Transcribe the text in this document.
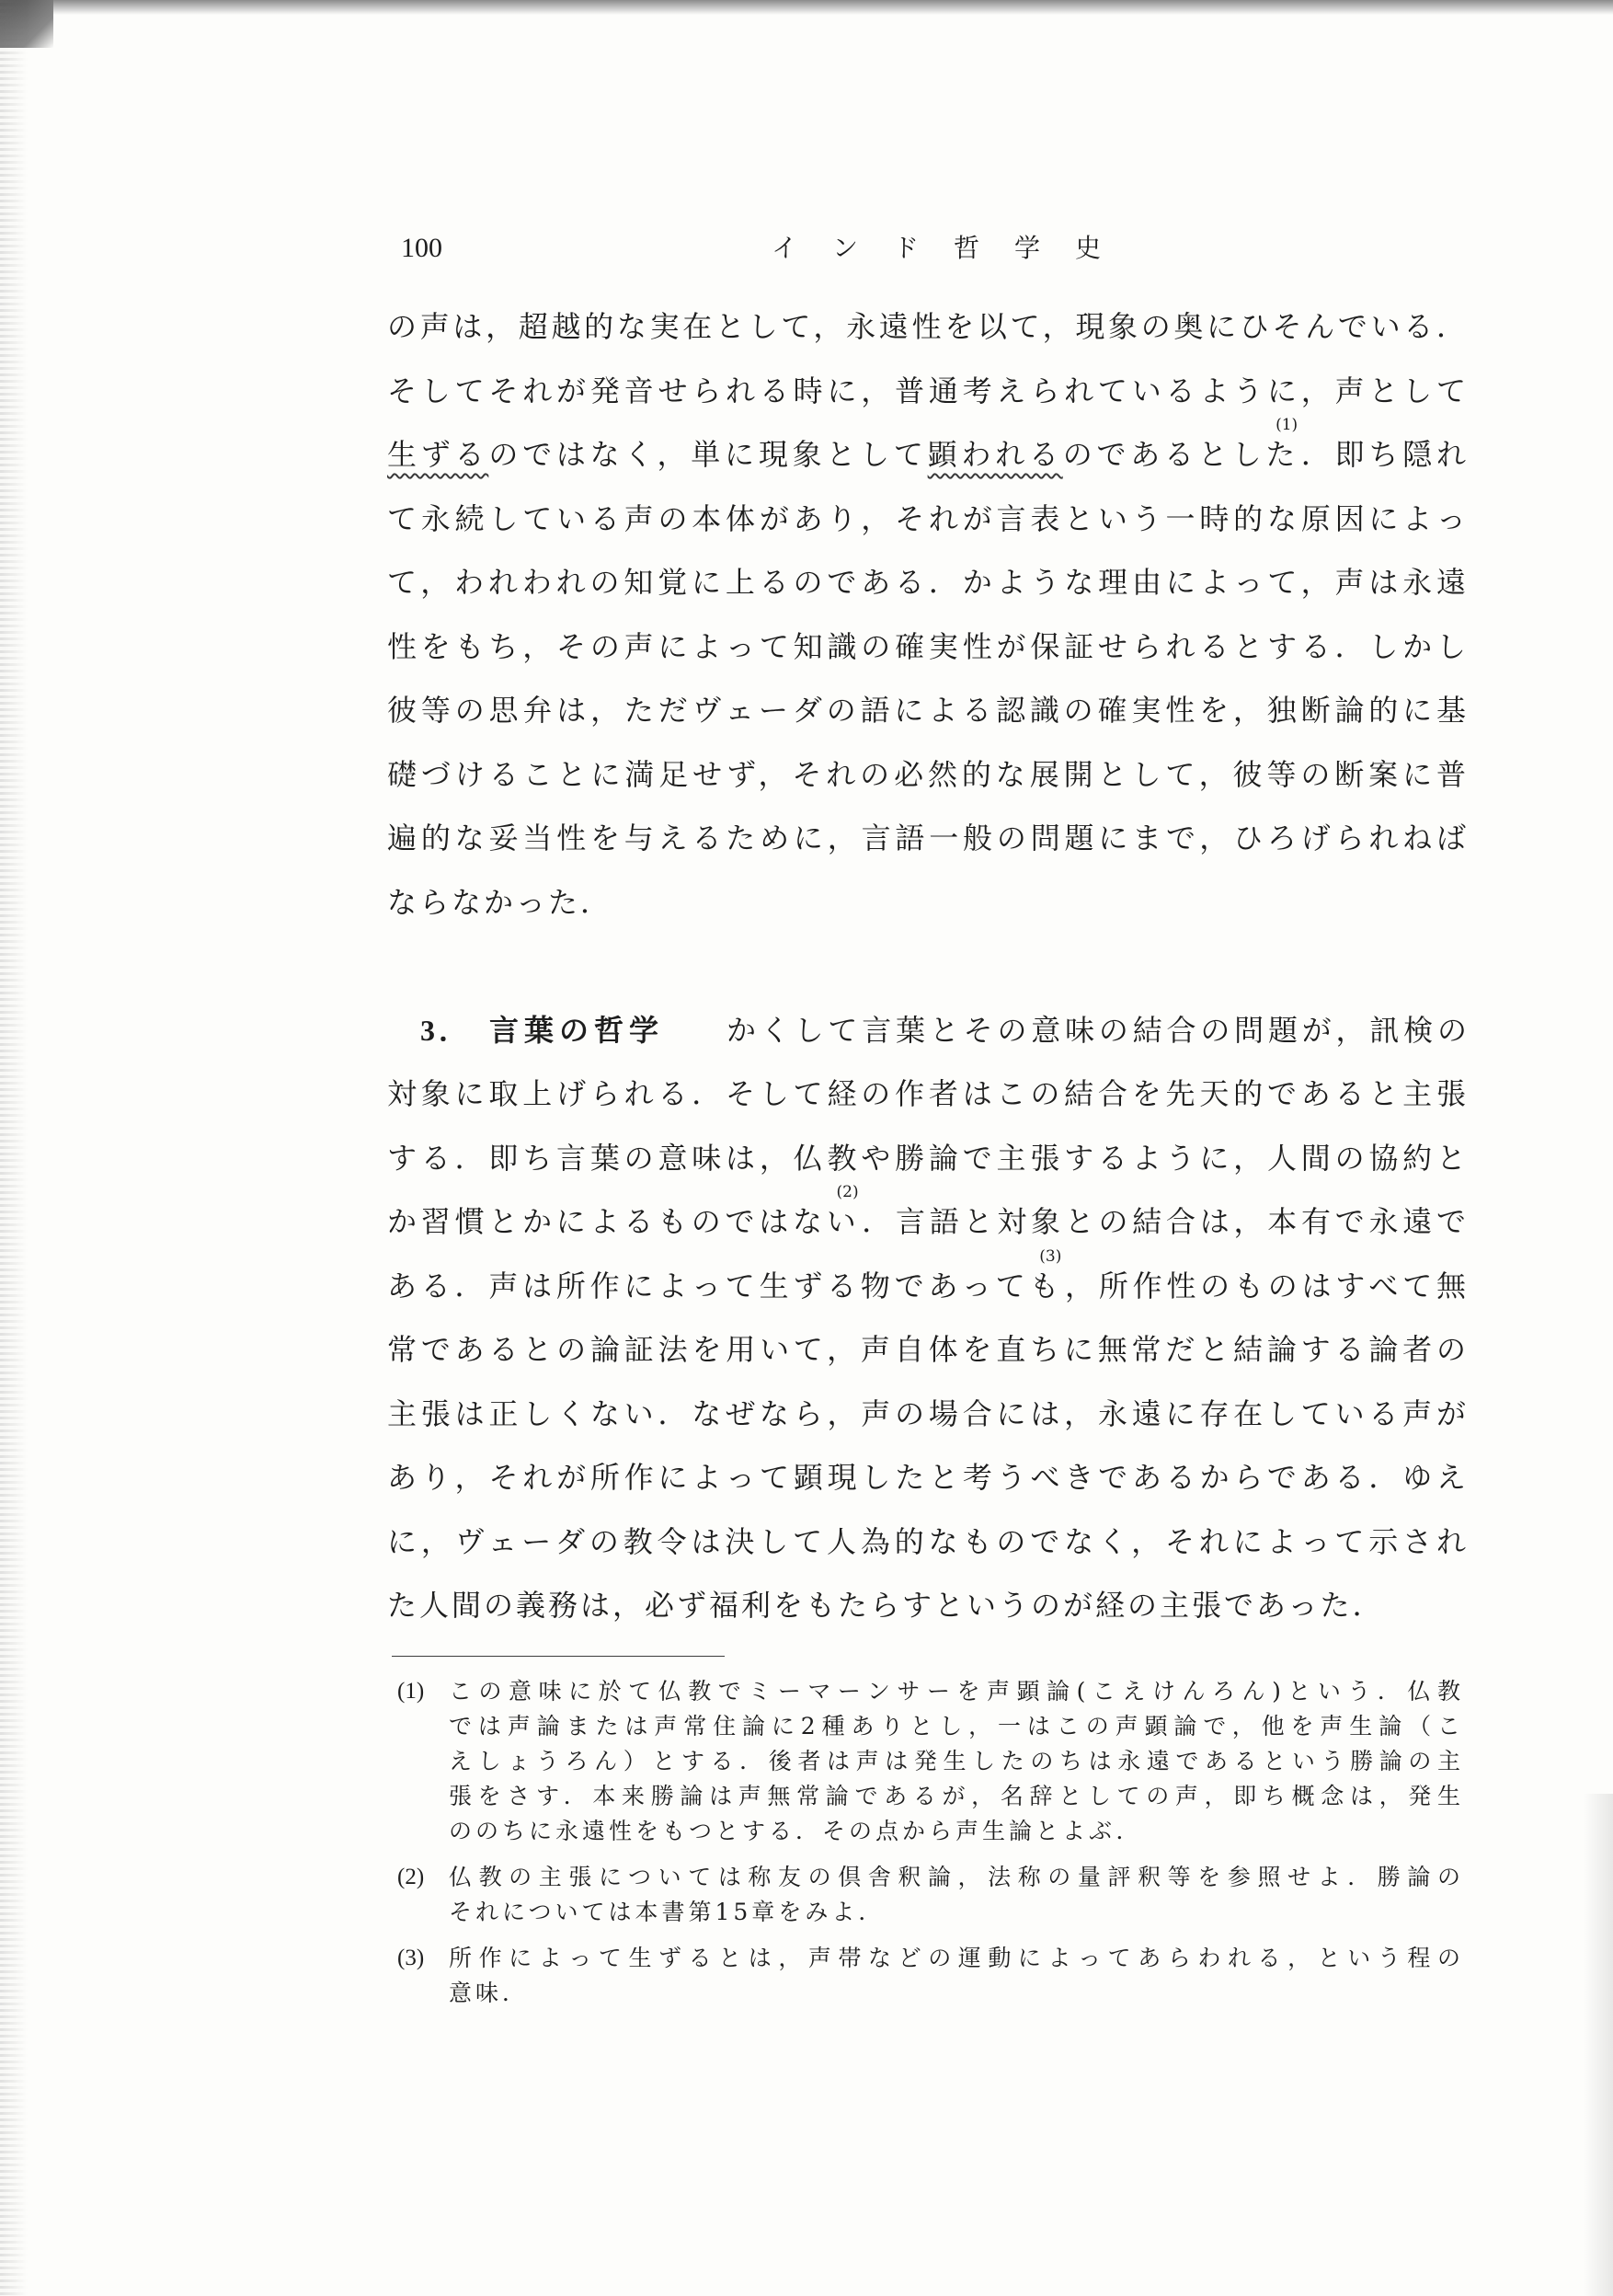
100	インド哲学史
の声は，超越的な実在として，永遠性を以て，現象の奥にひそんでいる．
そしてそれが発音せられる時に，普通考えられているように，声として
生ずるのではなく，単に現象として顕われるのであるとした
(1)
．即ち隠れ
て永続している声の本体があり，それが言表という一時的な原因によっ
て，われわれの知覚に上るのである．かような理由によって，声は永遠
性をもち，その声によって知識の確実性が保証せられるとする．しかし
彼等の思弁は，ただヴェーダの語による認識の確実性を，独断論的に基
礎づけることに満足せず，それの必然的な展開として，彼等の断案に普
遍的な妥当性を与えるために，言語一般の問題にまで，ひろげられねば
ならなかった．
3． 言葉の哲学 かくして言葉とその意味の結合の問題が，訊検の
対象に取上げられる．そして経の作者はこの結合を先天的であると主張
する．即ち言葉の意味は，仏教や勝論で主張するように，人間の協約と
か習慣とかによるものではない
(2)
．言語と対象との結合は，本有で永遠で
ある．声は所作によって生ずる物であっても
(3)
，所作性のものはすべて無
常であるとの論証法を用いて，声自体を直ちに無常だと結論する論者の
主張は正しくない．なぜなら，声の場合には，永遠に存在している声が
あり，それが所作によって顕現したと考うべきであるからである．ゆえ
に，ヴェーダの教令は決して人為的なものでなく，それによって示され
た人間の義務は，必ず福利をもたらすというのが経の主張であった．
(1) この意味に於て仏教でミーマーンサーを声顕論(こえけんろん)という．仏教
では声論または声常住論に2種ありとし，一はこの声顕論で，他を声生論（こ
えしょうろん）とする．後者は声は発生したのちは永遠であるという勝論の主
張をさす．本来勝論は声無常論であるが，名辞としての声，即ち概念は，発生
ののちに永遠性をもつとする．その点から声生論とよぶ．
(2) 仏教の主張については称友の倶舎釈論，法称の量評釈等を参照せよ．勝論の
それについては本書第15章をみよ．
(3) 所作によって生ずるとは，声帯などの運動によってあらわれる，という程の
意味．
